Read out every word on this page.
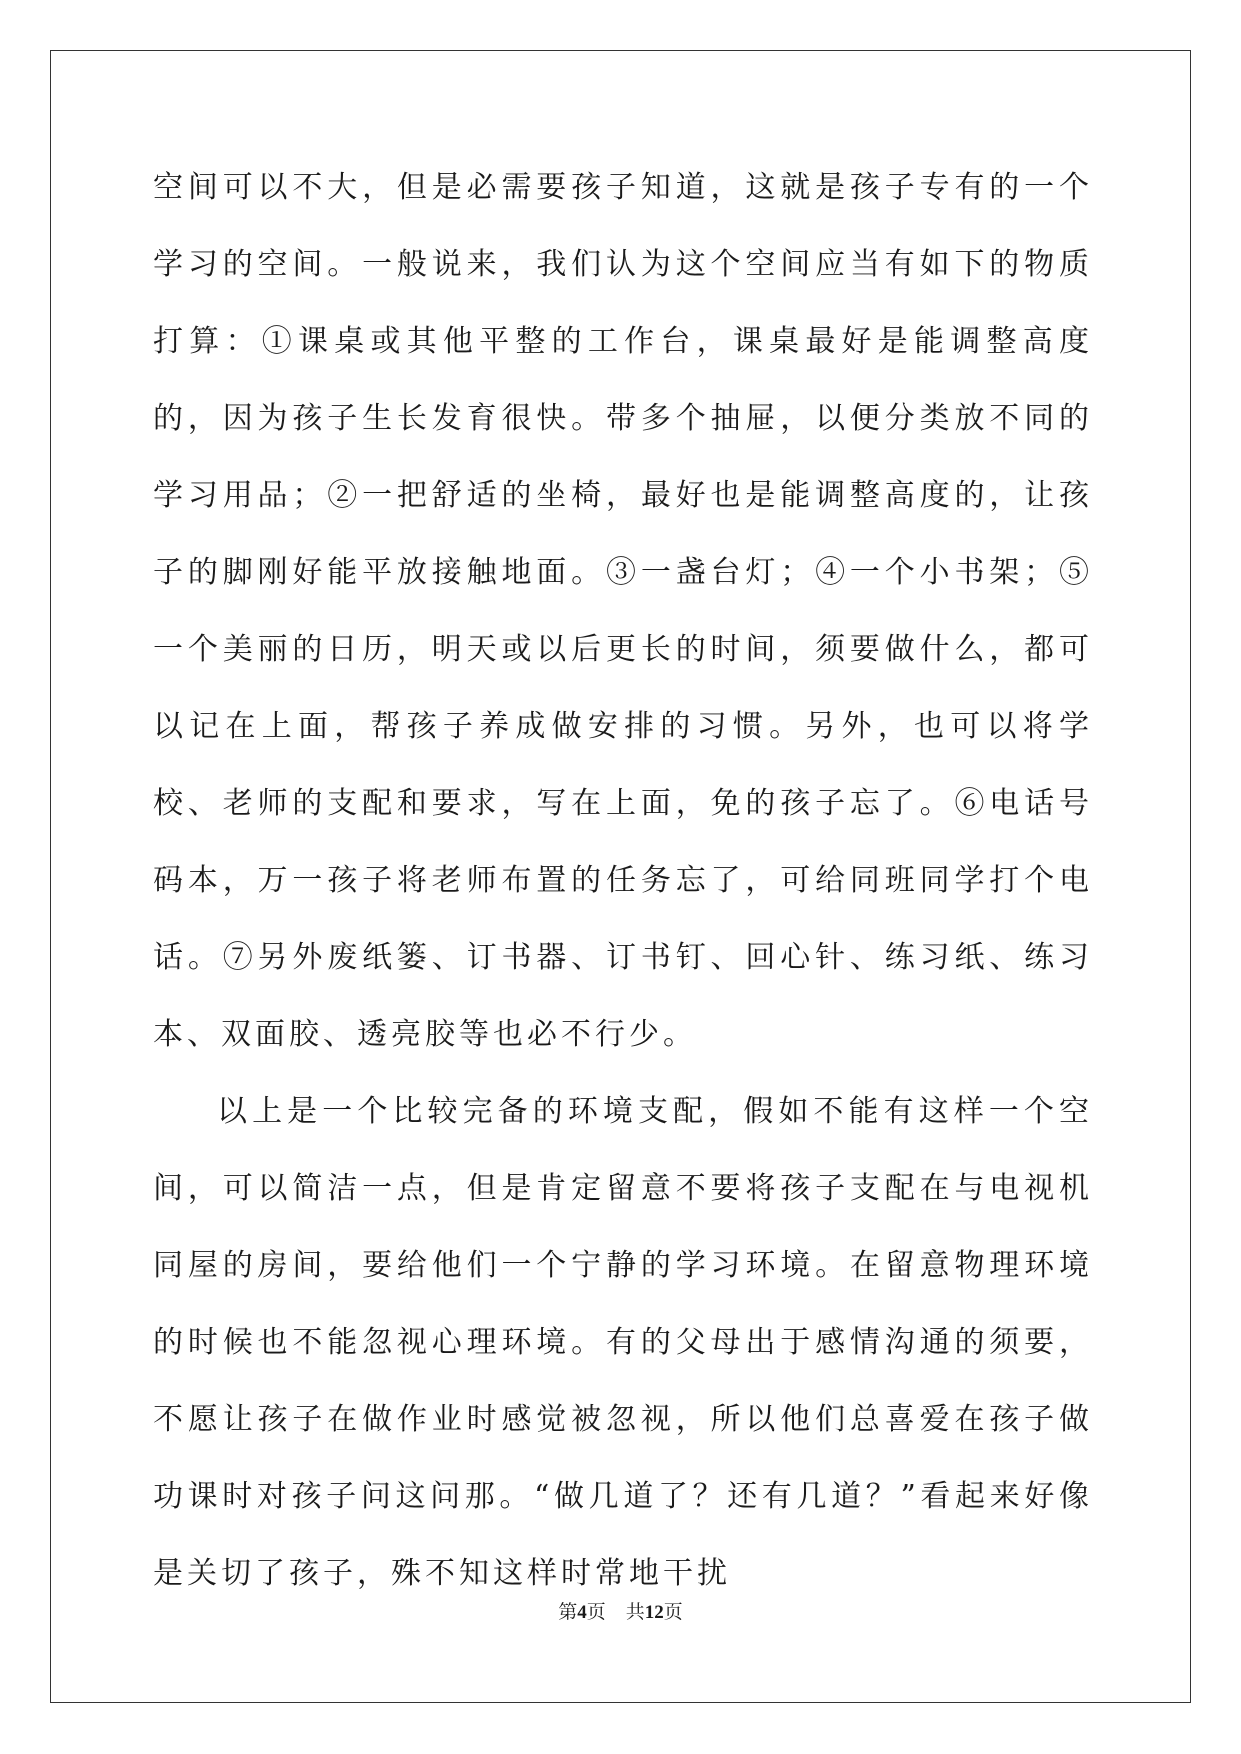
空间可以不大，但是必需要孩子知道，这就是孩子专有的一个学习的空间。一般说来，我们认为这个空间应当有如下的物质打算：①课桌或其他平整的工作台，课桌最好是能调整高度的，因为孩子生长发育很快。带多个抽屉，以便分类放不同的学习用品；②一把舒适的坐椅，最好也是能调整高度的，让孩子的脚刚好能平放接触地面。③一盏台灯；④一个小书架；⑤一个美丽的日历，明天或以后更长的时间，须要做什么，都可以记在上面，帮孩子养成做安排的习惯。另外，也可以将学校、老师的支配和要求，写在上面，免的孩子忘了。⑥电话号码本，万一孩子将老师布置的任务忘了，可给同班同学打个电话。⑦另外废纸篓、订书器、订书钉、回心针、练习纸、练习本、双面胶、透亮胶等也必不行少。

以上是一个比较完备的环境支配，假如不能有这样一个空间，可以简洁一点，但是肯定留意不要将孩子支配在与电视机同屋的房间，要给他们一个宁静的学习环境。在留意物理环境的时候也不能忽视心理环境。有的父母出于感情沟通的须要，不愿让孩子在做作业时感觉被忽视，所以他们总喜爱在孩子做功课时对孩子问这问那。“做几道了？还有几道？”看起来好像是关切了孩子，殊不知这样时常地干扰

第4页 共12页
